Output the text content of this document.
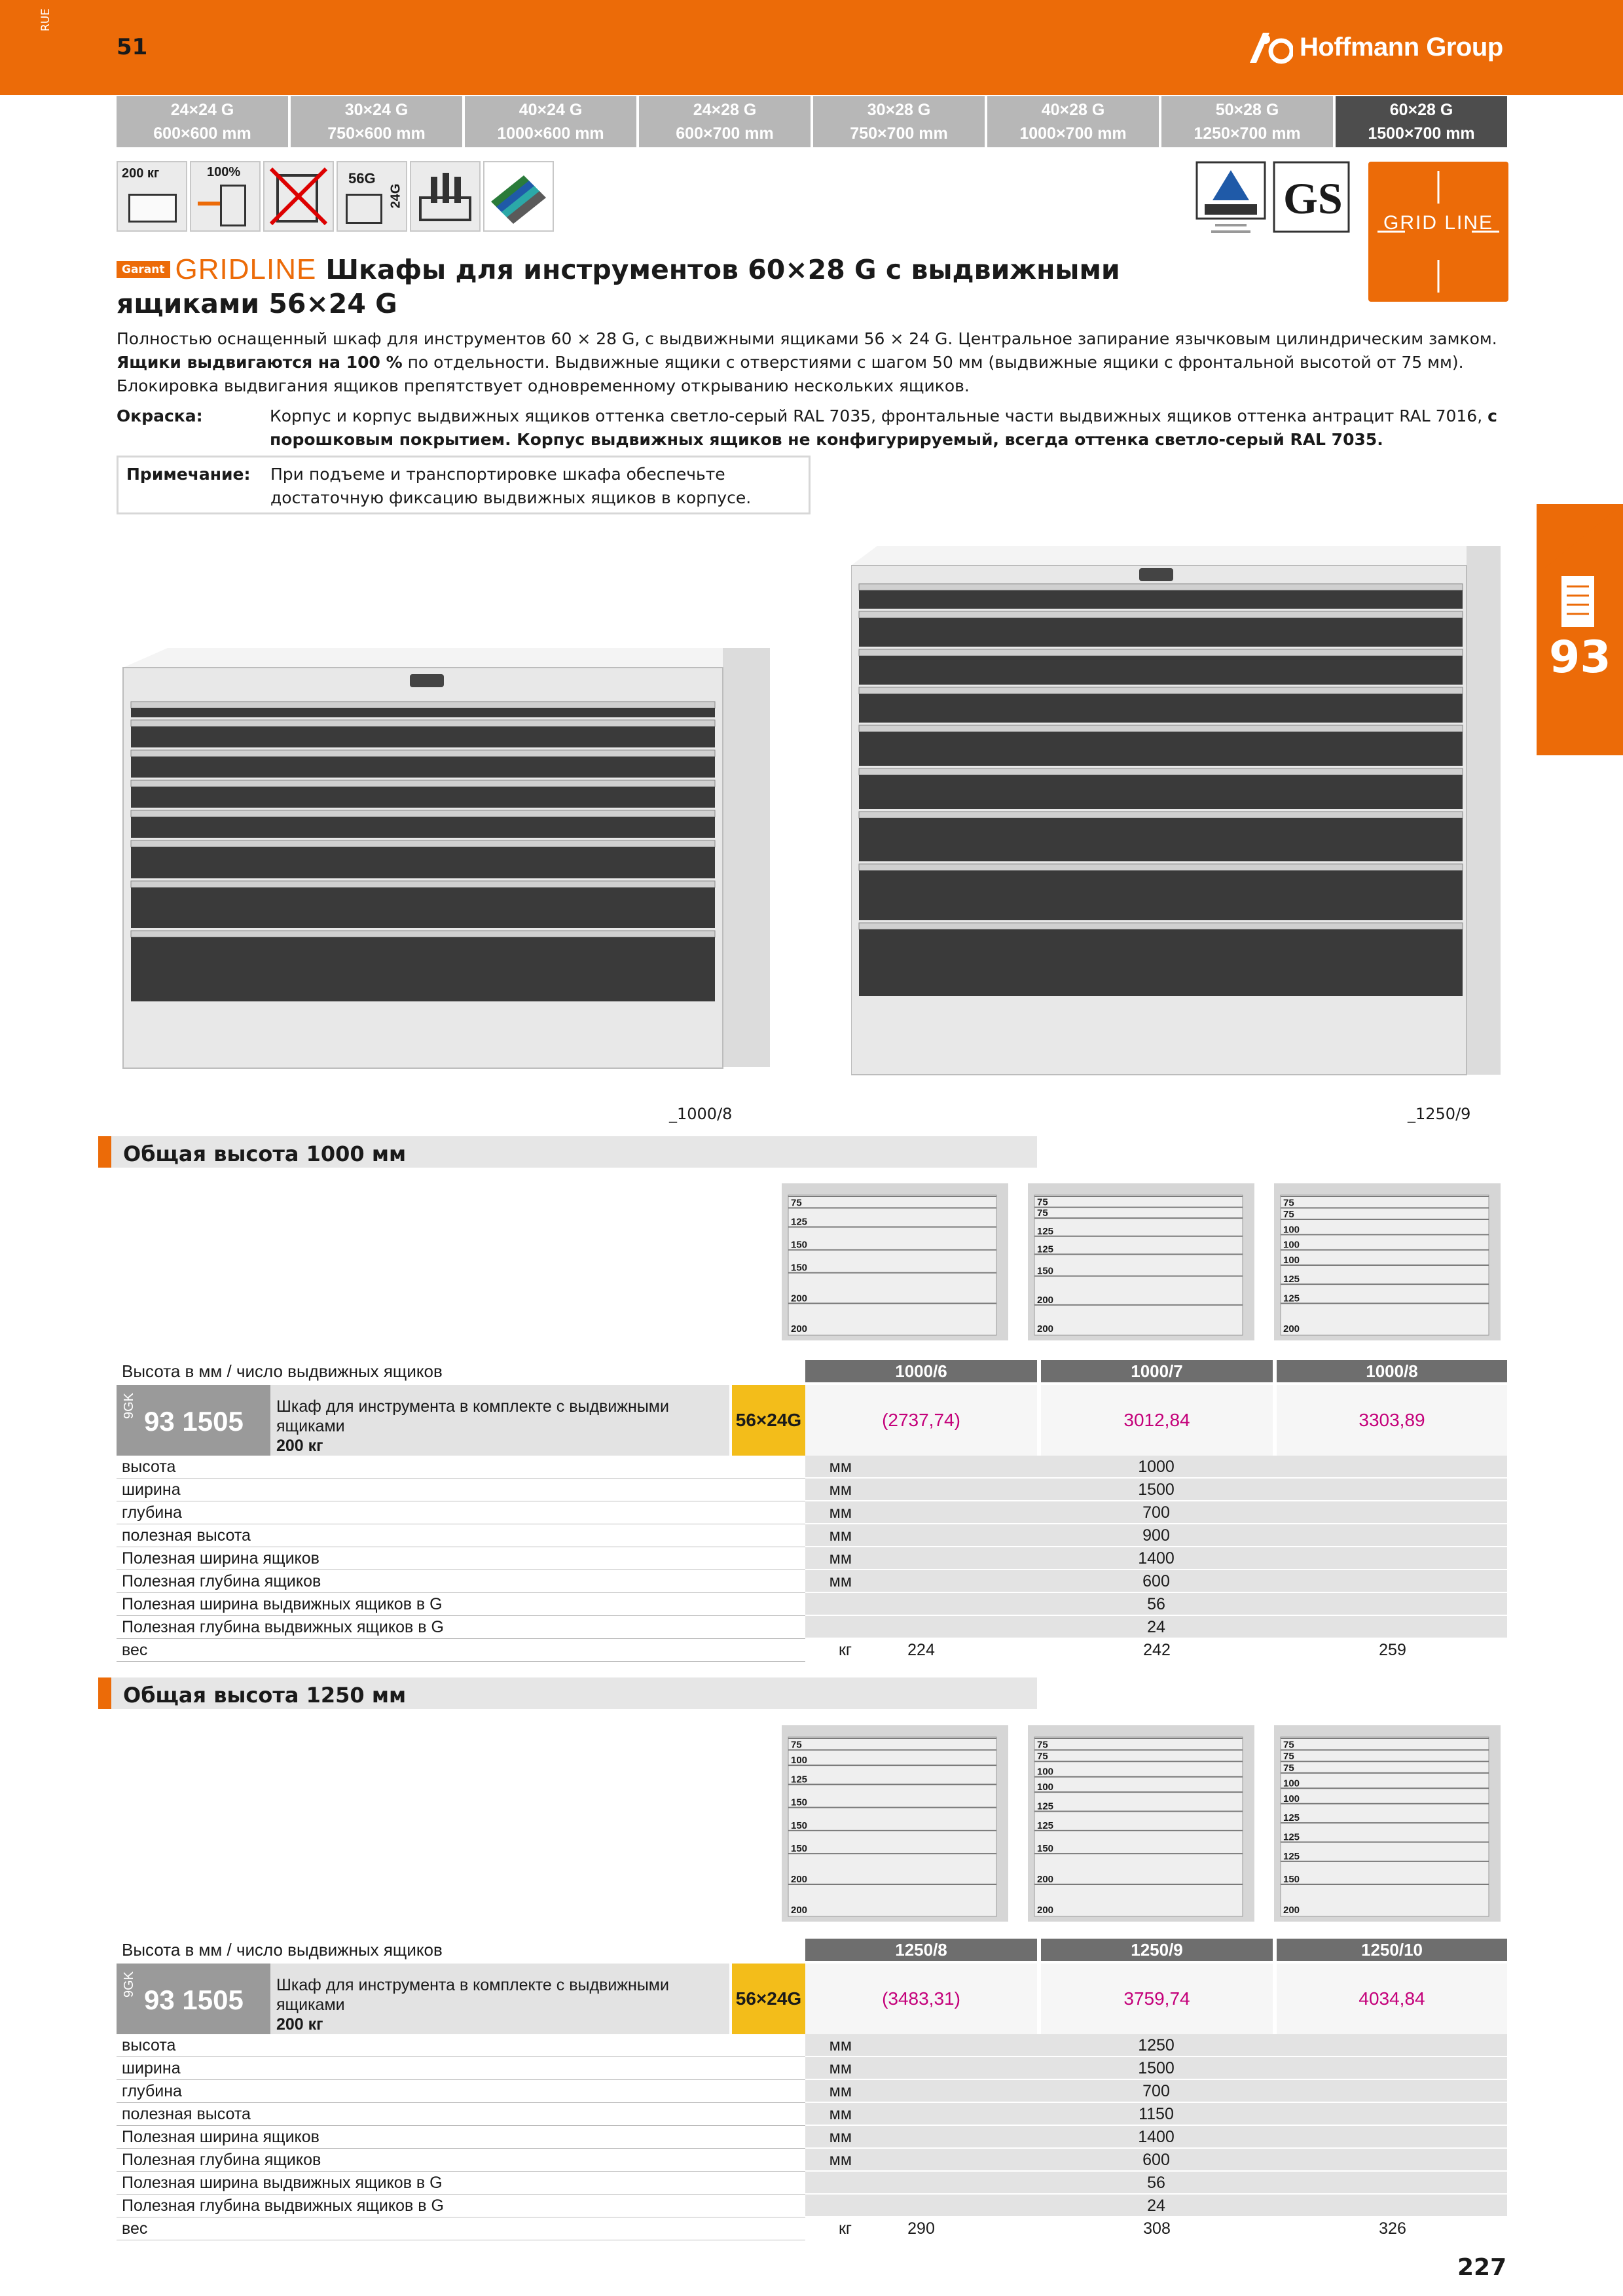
RUE
51	Hoffmann Group
24×24 G
600×600 mm
30×24 G
750×600 mm
40×24 G
1000×600 mm
24×28 G
600×700 mm
30×28 G
750×700 mm
40×28 G
1000×700 mm
50×28 G
1250×700 mm
60×28 G
1500×700 mm
200 кг	100%	56G
24G	GS	GRID LINE
Garant GRIDLINE Шкафы для инструментов 60×28 G с выдвижными
ящиками 56×24 G
Полностью оснащенный шкаф для инструментов 60 × 28 G, с выдвижными ящиками 56 × 24 G. Центральное запирание язычковым цилиндрическим замком.
Ящики выдвигаются на 100 % по отдельности. Выдвижные ящики с отверстиями с шагом 50 мм (выдвижные ящики с фронтальной высотой от 75 мм).
Блокировка выдвигания ящиков препятствует одновременному открыванию нескольких ящиков.
Окраска:	Корпус и корпус выдвижных ящиков оттенка светло-серый RAL 7035, фронтальные части выдвижных ящиков оттенка антрацит RAL 7016, с порошковым покрытием. Корпус выдвижных ящиков не конфигурируемый, всегда оттенка светло-серый RAL 7035.
Примечание: При подъеме и транспортировке шкафа обеспечьте
достаточную фиксацию выдвижных ящиков в корпусе.
93
_1000/8	_1250/9
Общая высота 1000 мм
75
125
150
150
200
200
75
75
125
125
150
200
200
75
75
100
100
100
125
125
200
Высота в мм / число выдвижных ящиков	1000/6	1000/7	1000/8
9GK
93 1505 Шкаф для инструмента в комплекте с выдвижными ящиками
200 кг
56×24G	(2737,74)	3012,84	3303,89
высота	мм	1000
ширина	мм	1500
глубина	мм	700
полезная высота	мм	900
Полезная ширина ящиков	мм	1400
Полезная глубина ящиков	мм	600
Полезная ширина выдвижных ящиков в G	56
Полезная глубина выдвижных ящиков в G	24
вес	кг	224	242	259
Общая высота 1250 мм
75
100
125
150
150
150
200
200
75
75
100
100
125
125
150
200
200
75
75
75
100
100
125
125
125
150
200
Высота в мм / число выдвижных ящиков	1250/8	1250/9	1250/10
9GK
93 1505 Шкаф для инструмента в комплекте с выдвижными ящиками
200 кг
56×24G	(3483,31)	3759,74	4034,84
высота	мм	1250
ширина	мм	1500
глубина	мм	700
полезная высота	мм	1150
Полезная ширина ящиков	мм	1400
Полезная глубина ящиков	мм	600
Полезная ширина выдвижных ящиков в G	56
Полезная глубина выдвижных ящиков в G	24
вес	кг	290	308	326
227
